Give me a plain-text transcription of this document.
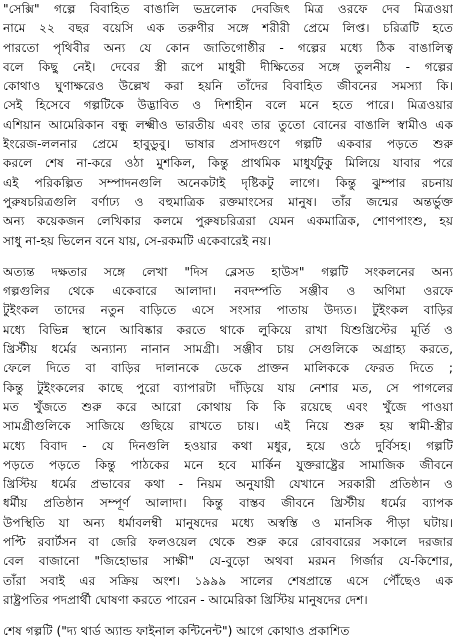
"সেক্সি" গল্পে বিবাহিত বাঙালি ভদ্রলোক দেবজিৎ মিত্র ওরফে দেব মিত্রওয়া
নামে ২২ বছর বয়েসি এক তরুণীর সঙ্গে শরীরী প্রেমে লিপ্ত। চরিত্রটি হতে
পারতো পৃথিবীর অন্য যে কোন জাতিগোষ্ঠীর - গল্পের মধ্যে ঠিক বাঙালিত্ব
বলে কিছু নেই। দেবের স্ত্রী রূপে মাধুরী দীক্ষিতের সঙ্গে তুলনীয় - গল্পের
কোথাও ঘুণাক্ষরেও উল্লেখ করা হয়নি তাঁদের বিবাহিত জীবনের সমস্যা কি।
সেই হিসেবে গল্পটিকে উদ্ভাবিত ও দিশাহীন বলে মনে হতে পারে। মিত্রওয়ার
এশিয়ান আমেরিকান বন্ধু লক্ষ্মীও ভারতীয় এবং তার তুতো বোনের বাঙালি স্বামীও এক
ইংরেজ-ললনার প্রেমে হাবুডুবু। ভাষার প্রসাদগুণে গল্পটি একবার পড়তে শুরু
করলে শেষ না-করে ওঠা মুশকিল, কিন্তু প্রাথমিক মাধুর্যটুকু মিলিয়ে যাবার পরে
এই পরিকল্পিত সম্পাদনগুলি অনেকটাই দৃষ্টিকটু লাগে। কিন্তু ঝুম্পার রচনায়
পুরুষচরিত্রগুলি বর্ণাঢ্য ও বহুমাত্রিক রক্তমাংসের মানুষ। তাঁর জন্মের অন্তর্ভুক্ত
অন্য কয়েকজন লেখিকার কলমে পুরুষচরিত্ররা যেমন একমাত্রিক, শোণপাংশু, হয়
সাধু না-হয় ভিলেন বনে যায়, সে-রকমটি একেবারেই নয়।
অত্যন্ত দক্ষতার সঙ্গে লেখা "দিস ব্লেসড হাউস" গল্পটি সংকলনের অন্য
গল্পগুলির থেকে একেবারে আলাদা। নবদম্পতি সঞ্জীব ও অণিমা ওরফে
টুইংকল তাদের নতুন বাড়িতে এসে সংসার পাতায় উদ্যত। টুইংকল বাড়ির
মধ্যে বিভিন্ন স্থানে আবিষ্কার করতে থাকে লুকিয়ে রাখা যিশুখ্রিস্টের মূর্তি ও
খ্রিস্টীয় ধর্মের অন্যান্য নানান সামগ্রী। সঞ্জীব চায় সেগুলিকে অগ্রাহ্য করতে,
ফেলে দিতে বা বাড়ির দালানকে ডেকে প্রাক্তন মালিককে ফেরত দিতে ;
কিন্তু টুইংকলের কাছে পুরো ব্যাপারটা দাঁড়িয়ে যায় নেশার মত, সে পাগলের
মত খুঁজতে শুরু করে আরো কোথায় কি কি রয়েছে এবং খুঁজে পাওয়া
সামগ্রীগুলিকে সাজিয়ে গুছিয়ে রাখতে চায়। এই নিয়ে শুরু হয় স্বামী-স্ত্রীর
মধ্যে বিবাদ - যে দিনগুলি হওয়ার কথা মধুর, হয়ে ওঠে দুর্বিসহ। গল্পটি
পড়তে পড়তে কিন্তু পাঠকের মনে হবে মার্কিন যুক্তরাষ্ট্রের সামাজিক জীবনে
খ্রিস্টিয় ধর্মের প্রভাবের কথা - নিয়ম অনুযায়ী যেখানে সরকারী প্রতিষ্ঠান ও
ধর্মীয় প্রতিষ্ঠান সম্পূর্ণ আলাদা। কিন্তু বাস্তব জীবনে খ্রিস্টীয় ধর্মের ব্যাপক
উপস্থিতি যা অন্য ধর্মাবলম্বী মানুষদের মধ্যে অস্বস্তি ও মানসিক পীড়া ঘটায়।
পপ্টি রবার্টসন বা জেরি ফলওয়েল থেকে শুরু করে রোববারের সকালে দরজার
বেল বাজানো "জিহোভার সাক্ষী" যে-বুড়ো অথবা মরমন গির্জার যে-কিশোর,
তাঁরা সবাই এর সক্রিয় অংশ। ১৯৯৯ সালের শেষপ্রান্তে এসে পৌঁছেও এক
রাষ্ট্রপতির পদপ্রার্থী ঘোষণা করতে পারেন - আমেরিকা খ্রিস্টিয় মানুষদের দেশ।
শেষ গল্পটি ("দ্য থার্ড অ্যান্ড ফাইনাল কন্টিনেন্ট") আগে কোথাও প্রকাশিত
